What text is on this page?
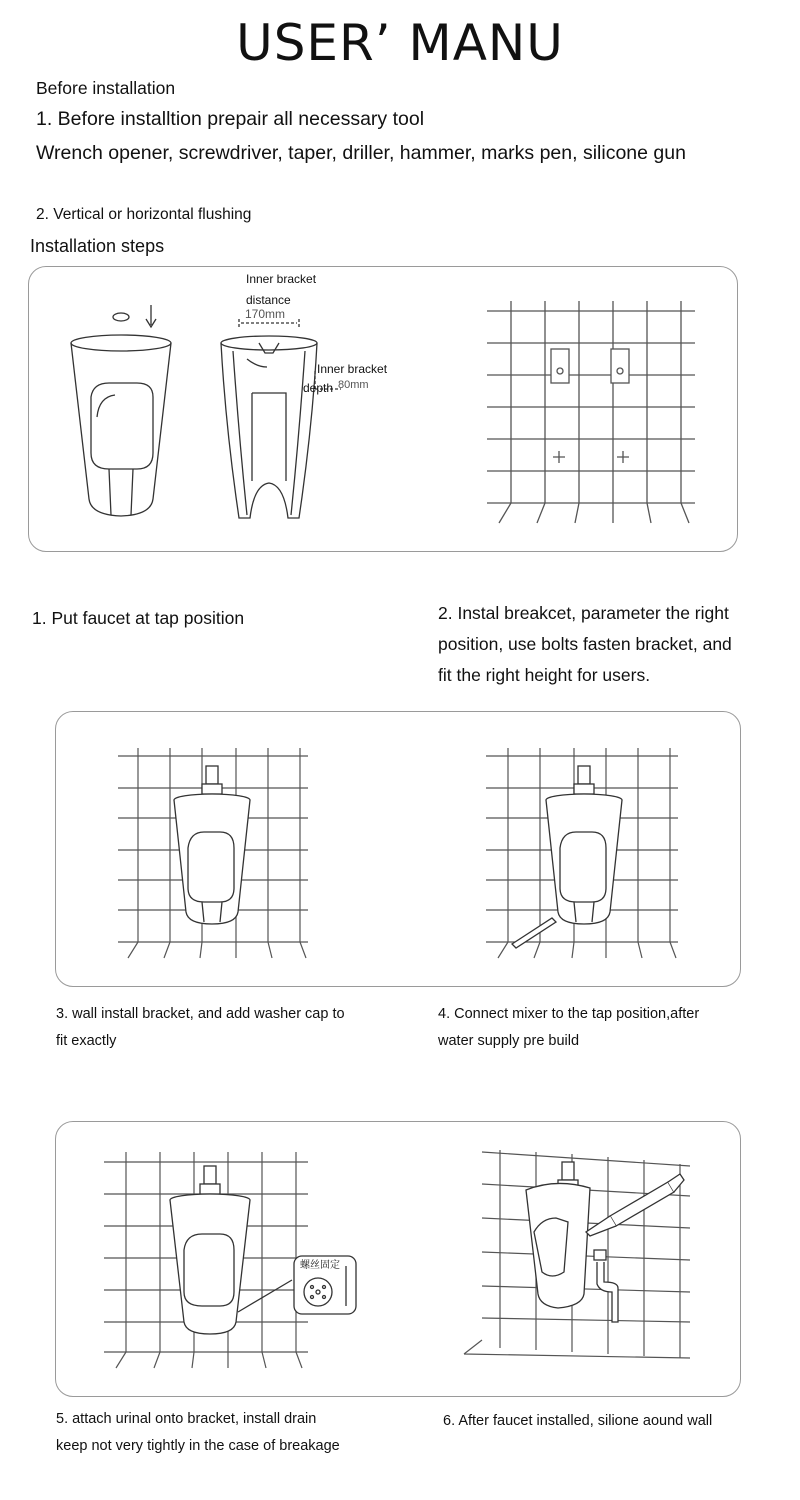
USER’ MANU
Before installation
1. Before installtion prepair all necessary tool
Wrench opener, screwdriver, taper, driller, hammer, marks pen, silicone gun
2. Vertical or horizontal flushing
Installation steps
Inner bracket
distance
170mm
Inner bracket
depth 80mm
1. Put faucet at tap position	2. Instal breakcet, parameter the right
position, use bolts fasten bracket, and
fit the right height for users.
3. wall install bracket, and add washer cap to
fit exactly
4. Connect mixer to the tap position,after
water supply pre build
螺丝固定
5. attach urinal onto bracket, install drain
keep not very tightly in the case of breakage
6. After faucet installed, silione aound wall
